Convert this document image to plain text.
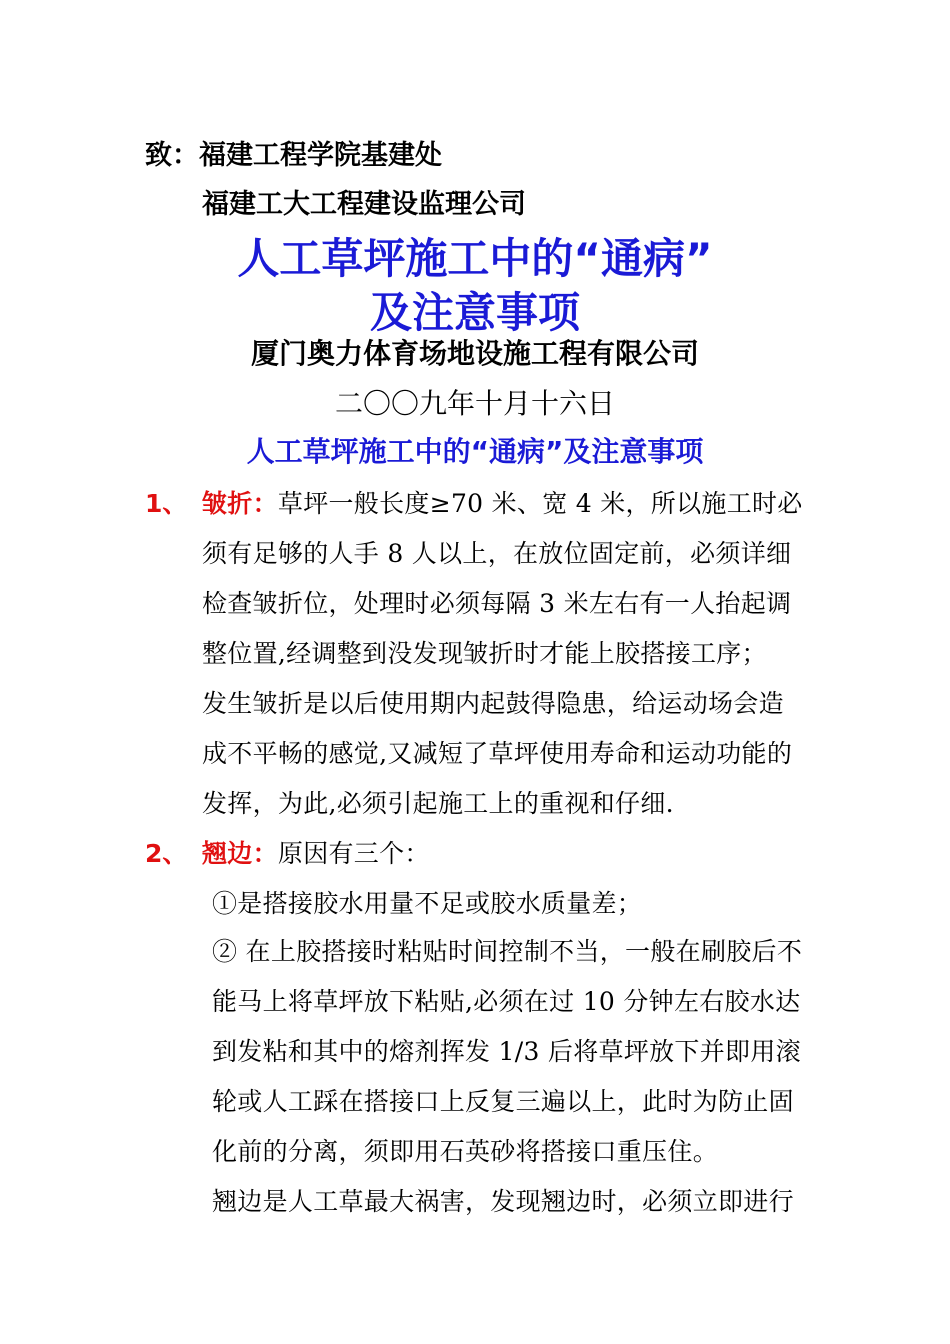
致：福建工程学院基建处
福建工大工程建设监理公司
人工草坪施工中的“通病”
及注意事项
厦门奥力体育场地设施工程有限公司
二〇〇九年十月十六日
人工草坪施工中的“通病”及注意事项
1、 皱折：草坪一般长度≥70 米、宽 4 米，所以施工时必
须有足够的人手 8 人以上，在放位固定前，必须详细
检查皱折位，处理时必须每隔 3 米左右有一人抬起调
整位置,经调整到没发现皱折时才能上胶搭接工序；
发生皱折是以后使用期内起鼓得隐患，给运动场会造
成不平畅的感觉,又减短了草坪使用寿命和运动功能的
发挥，为此,必须引起施工上的重视和仔细.
2、 翘边：原因有三个：
①是搭接胶水用量不足或胶水质量差；
② 在上胶搭接时粘贴时间控制不当，一般在刷胶后不
能马上将草坪放下粘贴,必须在过 10 分钟左右胶水达
到发粘和其中的熔剂挥发 1/3 后将草坪放下并即用滚
轮或人工踩在搭接口上反复三遍以上，此时为防止固
化前的分离，须即用石英砂将搭接口重压住。
翘边是人工草最大祸害，发现翘边时，必须立即进行
